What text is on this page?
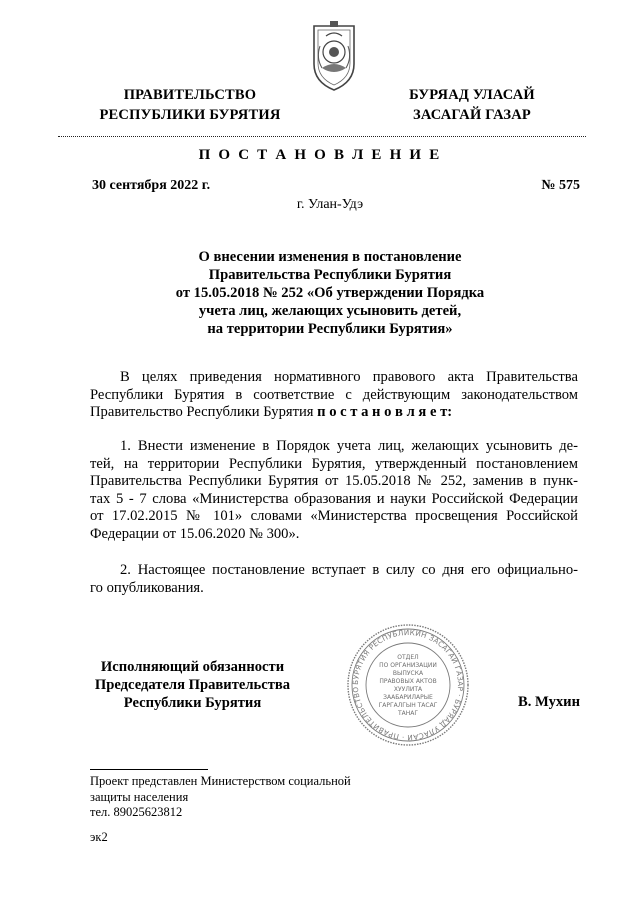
ПРАВИТЕЛЬСТВО
РЕСПУБЛИКИ БУРЯТИЯ
БУРЯАД УЛАСАЙ
ЗАСАГАЙ ГАЗАР
П О С Т А Н О В Л Е Н И Е
30 сентября 2022 г.	№ 575
г. Улан-Удэ
О внесении изменения в постановление
Правительства Республики Бурятия
от 15.05.2018 № 252 «Об утверждении Порядка
учета лиц, желающих усыновить детей,
на территории Республики Бурятия»
В целях приведения нормативного правового акта Правительства
Республики Бурятия в соответствие с действующим законодательством
Правительство Республики Бурятия п о с т а н о в л я е т:
1. Внести изменение в Порядок учета лиц, желающих усыновить де-
тей, на территории Республики Бурятия, утвержденный постановлением
Правительства Республики Бурятия от 15.05.2018 № 252, заменив в пунк-
тах 5 - 7 слова «Министерства образования и науки Российской Федерации
от 17.02.2015 № 101» словами «Министерства просвещения Российской
Федерации от 15.06.2020 № 300».
2. Настоящее постановление вступает в силу со дня его официально-
го опубликования.
Исполняющий обязанности
Председателя Правительства
Республики Бурятия	В. Мухин
БУРЯТИЯ РЕСПУБЛИКИН ЗАСАГАЙ ГАЗАР · БУРЯАД УЛАСАЙ · ПРАВИТЕЛЬСТВО
ОТДЕЛ
ПО ОРГАНИЗАЦИИ
ВЫПУСКА
ПРАВОВЫХ АКТОВ
ХУУЛИТА
ЗААБАРИЛАРЫЕ
ГАРГАЛГЫН ТАСАГ
ТАНАГ
Проект представлен Министерством социальной
защиты населения
тел. 89025623812
эк2
